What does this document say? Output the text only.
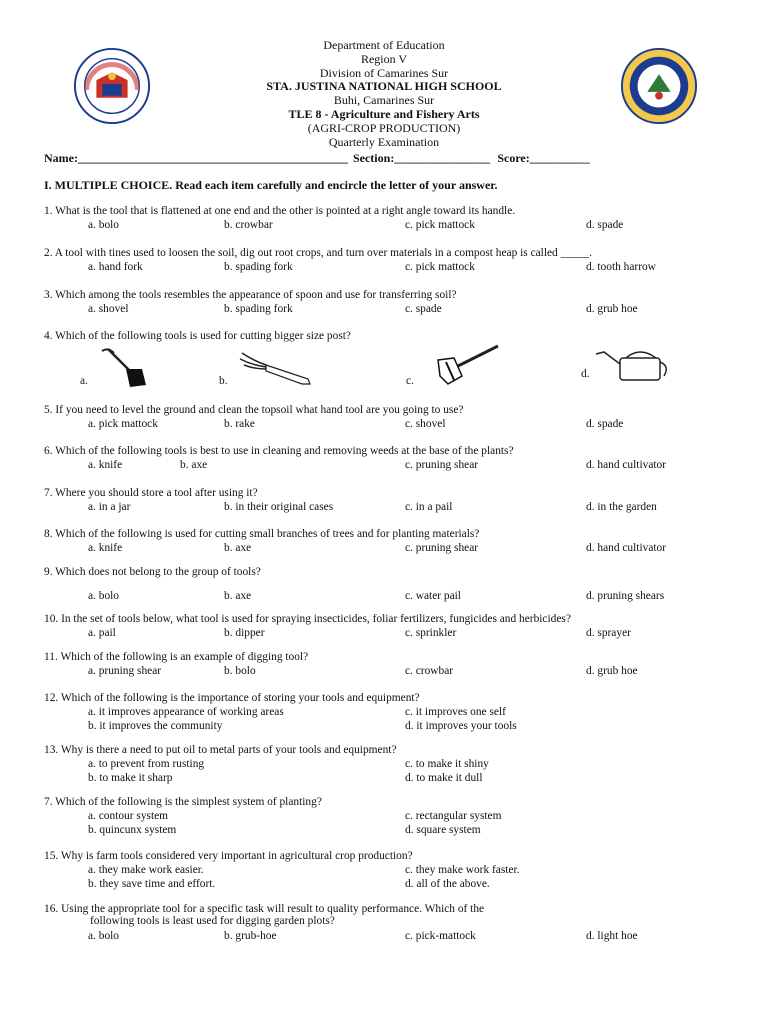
Department of Education
Region V
Division of Camarines Sur
STA. JUSTINA NATIONAL HIGH SCHOOL
Buhi, Camarines Sur
TLE 8 - Agriculture and Fishery Arts
(AGRI-CROP PRODUCTION)
Quarterly Examination
Name:_____________________________________________ Section:________________ Score:__________
I. MULTIPLE CHOICE. Read each item carefully and encircle the letter of your answer.
1. What is the tool that is flattened at one end and the other is pointed at a right angle toward its handle.
a. bolo	b. crowbar	c. pick mattock	d. spade
2. A tool with tines used to loosen the soil, dig out root crops, and turn over materials in a compost heap is called _____.
a. hand fork	b. spading fork	c. pick mattock	d. tooth harrow
3. Which among the tools resembles the appearance of spoon and use for transferring soil?
a. shovel	b. spading fork	c. spade	d. grub hoe
4. Which of the following tools is used for cutting bigger size post?
a.	b.	c.
d.
5. If you need to level the ground and clean the topsoil what hand tool are you going to use?
a. pick mattock	b. rake	c. shovel	d. spade
6. Which of the following tools is best to use in cleaning and removing weeds at the base of the plants?
a. knife	b. axe	c. pruning shear	d. hand cultivator
7. Where you should store a tool after using it?
a. in a jar	b. in their original cases	c. in a pail	d. in the garden
8. Which of the following is used for cutting small branches of trees and for planting materials?
a. knife	b. axe	c. pruning shear	d. hand cultivator
9. Which does not belong to the group of tools?
a. bolo	b. axe	c. water pail	d. pruning shears
10. In the set of tools below, what tool is used for spraying insecticides, foliar fertilizers, fungicides and herbicides?
a. pail	b. dipper	c. sprinkler	d. sprayer
11. Which of the following is an example of digging tool?
a. pruning shear	b. bolo	c. crowbar	d. grub hoe
12. Which of the following is the importance of storing your tools and equipment?
a. it improves appearance of working areas	c. it improves one self
b. it improves the community	d. it improves your tools
13. Why is there a need to put oil to metal parts of your tools and equipment?
a. to prevent from rusting	c. to make it shiny
b. to make it sharp	d. to make it dull
7. Which of the following is the simplest system of planting?
a. contour system	c. rectangular system
b. quincunx system	d. square system
15. Why is farm tools considered very important in agricultural crop production?
a. they make work easier.	c. they make work faster.
b. they save time and effort.	d. all of the above.
16. Using the appropriate tool for a specific task will result to quality performance. Which of the
following tools is least used for digging garden plots?
a. bolo	b. grub-hoe	c. pick-mattock	d. light hoe
